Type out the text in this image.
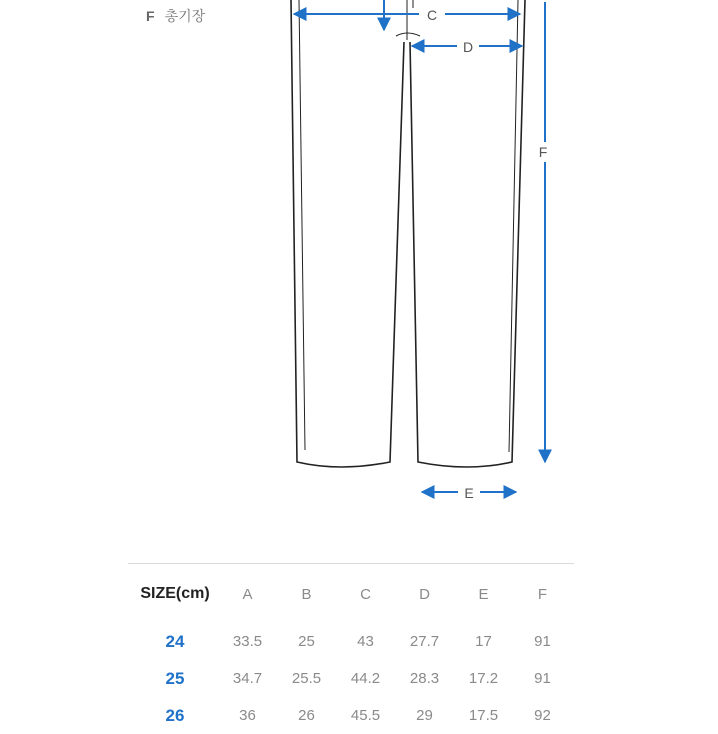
F 총기장	C
D
F
E
SIZE(cm)	A	B	C	D	E	F
24	33.5	25	43	27.7	17	91
25	34.7	25.5	44.2	28.3	17.2	91
26	36	26	45.5	29	17.5	92
